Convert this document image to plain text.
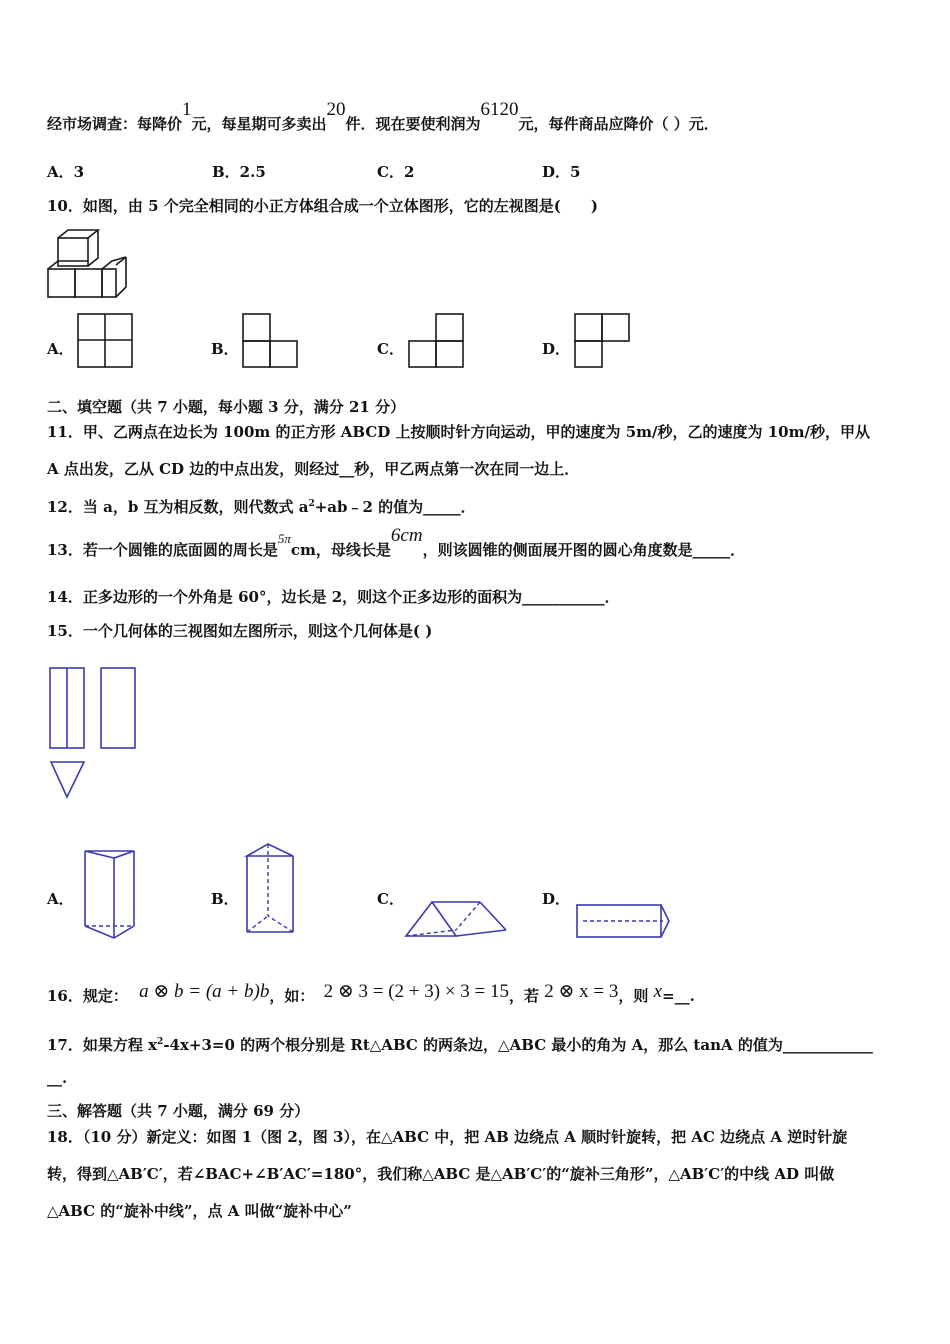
经市场调查：每降价1元，每星期可多卖出20件．现在要使利润为6120元，每件商品应降价（ ）元．
A．3	B．2.5	C．2	D．5
10．如图，由 5 个完全相同的小正方体组合成一个立体图形，它的左视图是(　　)
A．	B．	C．	D．
二、填空题（共 7 小题，每小题 3 分，满分 21 分）
11．甲、乙两点在边长为 100m 的正方形 ABCD 上按顺时针方向运动，甲的速度为 5m/秒，乙的速度为 10m/秒，甲从
A 点出发，乙从 CD 边的中点出发，则经过__秒，甲乙两点第一次在同一边上．
12．当 a，b 互为相反数，则代数式 $a^2+ab﹣2$ 的值为_____．
13．若一个圆锥的底面圆的周长是5πcm，母线长是6cm，则该圆锥的侧面展开图的圆心角度数是_____．
14．正多边形的一个外角是 60°，边长是 2，则这个正多边形的面积为___________．
15．一个几何体的三视图如左图所示，则这个几何体是( )
A．	B．	C．	D．
16．规定： a ⊗ b = (a + b)b，如： 2 ⊗ 3 = (2 + 3) × 3 = 15，若 2 ⊗ x = 3，则 x=__.
17．如果方程 $x^2-4x+3=0$ 的两个根分别是 Rt△ABC 的两条边，△ABC 最小的角为 A，那么 tanA 的值为____________
__.
三、解答题（共 7 小题，满分 69 分）
18．（10 分）新定义：如图 1（图 2，图 3），在△ABC 中，把 AB 边绕点 A 顺时针旋转，把 AC 边绕点 A 逆时针旋
转，得到△AB′C′，若∠BAC+∠B′AC′=180°，我们称△ABC 是△AB′C′的“旋补三角形”，△AB′C′的中线 AD 叫做
△ABC 的“旋补中线”，点 A 叫做“旋补中心”
